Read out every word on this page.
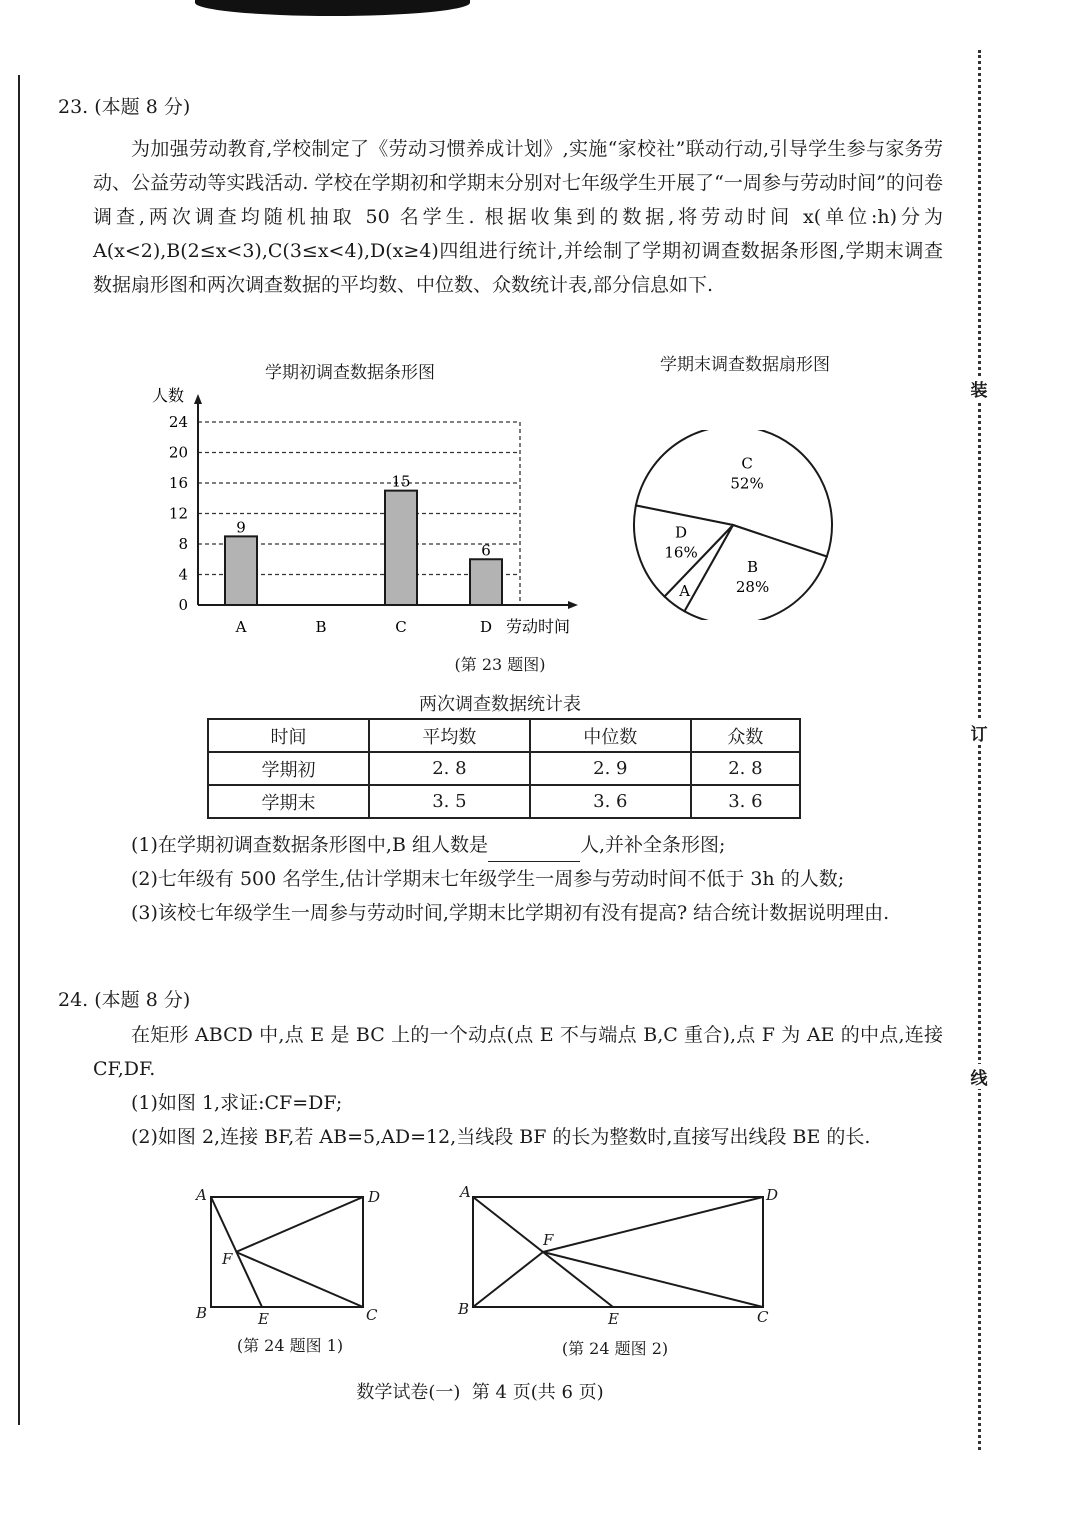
装
订
线
23. (本题 8 分)

为加强劳动教育,学校制定了《劳动习惯养成计划》,实施“家校社”联动行动,引导学生参与家务劳动、公益劳动等实践活动. 学校在学期初和学期末分别对七年级学生开展了“一周参与劳动时间”的问卷调查,两次调查均随机抽取 50 名学生. 根据收集到的数据,将劳动时间 x(单位:h)分为 A(x<2),B(2≤x<3),C(3≤x<4),D(x≥4)四组进行统计,并绘制了学期初调查数据条形图,学期末调查数据扇形图和两次调查数据的平均数、中位数、众数统计表,部分信息如下.

学期初调查数据条形图
0
4
8
12
16
20
24
人数
劳动时间
A
9
B	C
15
D
6
学期末调查数据扇形图
C
52%
B
28%
A
D
16%
(第 23 题图)
两次调查数据统计表
时间	平均数	中位数	众数
学期初	2. 8	2. 9	2. 8
学期末	3. 5	3. 6	3. 6

(1)在学期初调查数据条形图中,B 组人数是	人,并补全条形图;

(2)七年级有 500 名学生,估计学期末七年级学生一周参与劳动时间不低于 3h 的人数;

(3)该校七年级学生一周参与劳动时间,学期末比学期初有没有提高? 结合统计数据说明理由.

24. (本题 8 分)

在矩形 ABCD 中,点 E 是 BC 上的一个动点(点 E 不与端点 B,C 重合),点 F 为 AE 的中点,连接 CF,DF.

(1)如图 1,求证:CF=DF;

(2)如图 2,连接 BF,若 AB=5,AD=12,当线段 BF 的长为整数时,直接写出线段 BE 的长.

A	D
B	C
E
F
(第 24 题图 1)
A	D
B	C
E
F
(第 24 题图 2)
数学试卷(一)  第 4 页(共 6 页)
